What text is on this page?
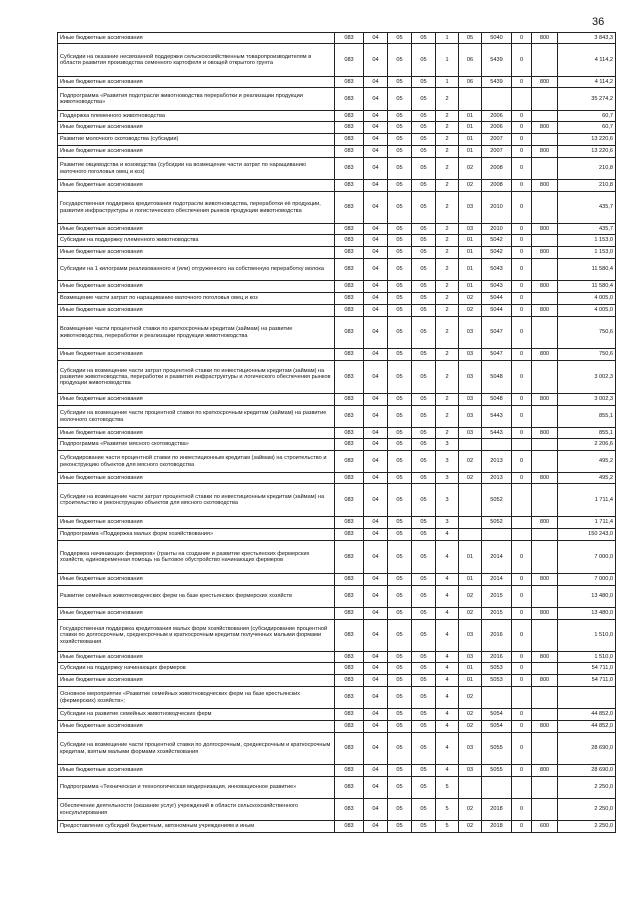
36
Иные бюджетные ассигнования	083	04	05	05	1	05	5040	0	800	3 843,3
Субсидии на оказание несвязанной поддержки сельскохозяйственным товаропроизводителям в области развития производства семенного картофеля и овощей открытого грунта	083	04	05	05	1	06	5439	0		4 114,2
Иные бюджетные ассигнования	083	04	05	05	1	06	5439	0	800	4 114,2
Подпрограмма «Развития подотрасли животноводства переработки и реализации продукции животноводства»	083	04	05	05	2					35 274,2
Поддержка племенного животноводства	083	04	05	05	2	01	2006	0		60,7
Иные бюджетные ассигнования	083	04	05	05	2	01	2006	0	800	60,7
Развитие молочного скотоводства (субсидии)	083	04	05	05	2	01	2007	0		13 220,6
Иные бюджетные ассигнования	083	04	05	05	2	01	2007	0	800	13 220,6
Развитие овцеводства и козоводства (субсидии на возмещение части затрат по наращиванию маточного поголовья овец и коз)	083	04	05	05	2	02	2008	0		210,8
Иные бюджетные ассигнования	083	04	05	05	2	02	2008	0	800	210,8
Государственная поддержка кредитования подотрасли животноводства, переработки её продукции, развития инфраструктуры и логистического обеспечения рынков продукции животноводства	083	04	05	05	2	03	2010	0		435,7
Иные бюджетные ассигнования	083	04	05	05	2	03	2010	0	800	435,7
Субсидии на поддержку племенного животноводства	083	04	05	05	2	01	5042	0		1 153,0
Иные бюджетные ассигнования	083	04	05	05	2	01	5042	0	800	1 153,0
Субсидии на 1 килограмм реализованного и (или) отгруженного на собственную переработку молока	083	04	05	05	2	01	5043	0		11 580,4
Иные бюджетные ассигнования	083	04	05	05	2	01	5043	0	800	11 580,4
Возмещение части затрат по наращиванию маточного поголовья овец и коз	083	04	05	05	2	02	5044	0		4 005,0
Иные бюджетные ассигнования	083	04	05	05	2	02	5044	0	800	4 005,0
Возмещение части процентной ставки по краткосрочным кредитам (займам) на развитие животноводства, переработки и реализации продукции животноводства	083	04	05	05	2	03	5047	0		750,6
Иные бюджетные ассигнования	083	04	05	05	2	03	5047	0	800	750,6
Субсидии на возмещение части затрат процентной ставки по инвестиционным кредитам (займам) на развитие животноводства, переработки и развития инфраструктуры и логического обеспечения рынков продукции животноводства	083	04	05	05	2	03	5048	0		3 002,3
Иные бюджетные ассигнования	083	04	05	05	2	03	5048	0	800	3 002,3
Субсидии на возмещение части процентной ставки по краткосрочным кредитам (займам) на развитие молочного скотоводства	083	04	05	05	2	03	5443	0		855,1
Иные бюджетные ассигнования	083	04	05	05	2	03	5443	0	800	855,1
Подпрограмма «Развитие мясного скотоводства»	083	04	05	05	3					2 206,6
Субсидирование части процентной ставки по инвестиционным кредитам (займам) на строительство и реконструкцию объектов для мясного скотоводства	083	04	05	05	3	02	2013	0		495,2
Иные бюджетные ассигнования	083	04	05	05	3	02	2013	0	800	495,2
Субсидии на возмещение части затрат процентной ставки по инвестиционным кредитам (займам) на строительство и реконструкцию объектов для мясного скотоводства	083	04	05	05	3		5052			1 711,4
Иные бюджетные ассигнования	083	04	05	05	3		5052		800	1 711,4
Подпрограмма «Поддержка малых форм хозяйствования»	083	04	05	05	4					150 243,0
Поддержка начинающих фермеров» (гранты на создание и развитие крестьянских фермерских хозяйств, единовременная помощь на бытовое обустройство начинающих фермеров	083	04	05	05	4	01	2014	0		7 000,0
Иные бюджетные ассигнования	083	04	05	05	4	01	2014	0	800	7 000,0
Развитие семейных животноводческих ферм на базе крестьянских фермерских хозяйств	083	04	05	05	4	02	2015	0		13 480,0
Иные бюджетные ассигнования	083	04	05	05	4	02	2015	0	800	13 480,0
Государственная поддержка кредитования малых форм хозяйствования (субсидирование процентной ставки по долгосрочным, среднесрочным и краткосрочным кредитам полученных малыми формами хозяйствования	083	04	05	05	4	03	2016	0		1 510,0
Иные бюджетные ассигнования	083	04	05	05	4	03	2016	0	800	1 510,0
Субсидии на поддержку начинающих фермеров	083	04	05	05	4	01	5053	0		54 711,0
Иные бюджетные ассигнования	083	04	05	05	4	01	5053	0	800	54 711,0
Основное мероприятие «Развитие семейных животноводческих ферм на базе крестьянских (фермерских) хозяйств»;	083	04	05	05	4	02				
Субсидии на развитие семейных животноводческих ферм	083	04	05	05	4	02	5054	0		44 852,0
Иные бюджетные ассигнования	083	04	05	05	4	02	5054	0	800	44 852,0
Субсидии на возмещение части процентной ставки по долгосрочным, среднесрочным и краткосрочным кредитам, взятым малыми формами хозяйствования	083	04	05	05	4	03	5055	0		28 690,0
Иные бюджетные ассигнования	083	04	05	05	4	03	5055	0	800	28 690,0
Подпрограмма «Техническая и технологическая модернизация, инновационное развитие»	083	04	05	05	5					2 250,0
Обеспечение деятельности (оказание услуг) учреждений в области сельскохозяйственного консультирования	083	04	05	05	5	02	2018	0		2 250,0
Предоставление субсидий бюджетным, автономным учреждениям и иным	083	04	05	05	5	02	2018	0	600	2 250,0
